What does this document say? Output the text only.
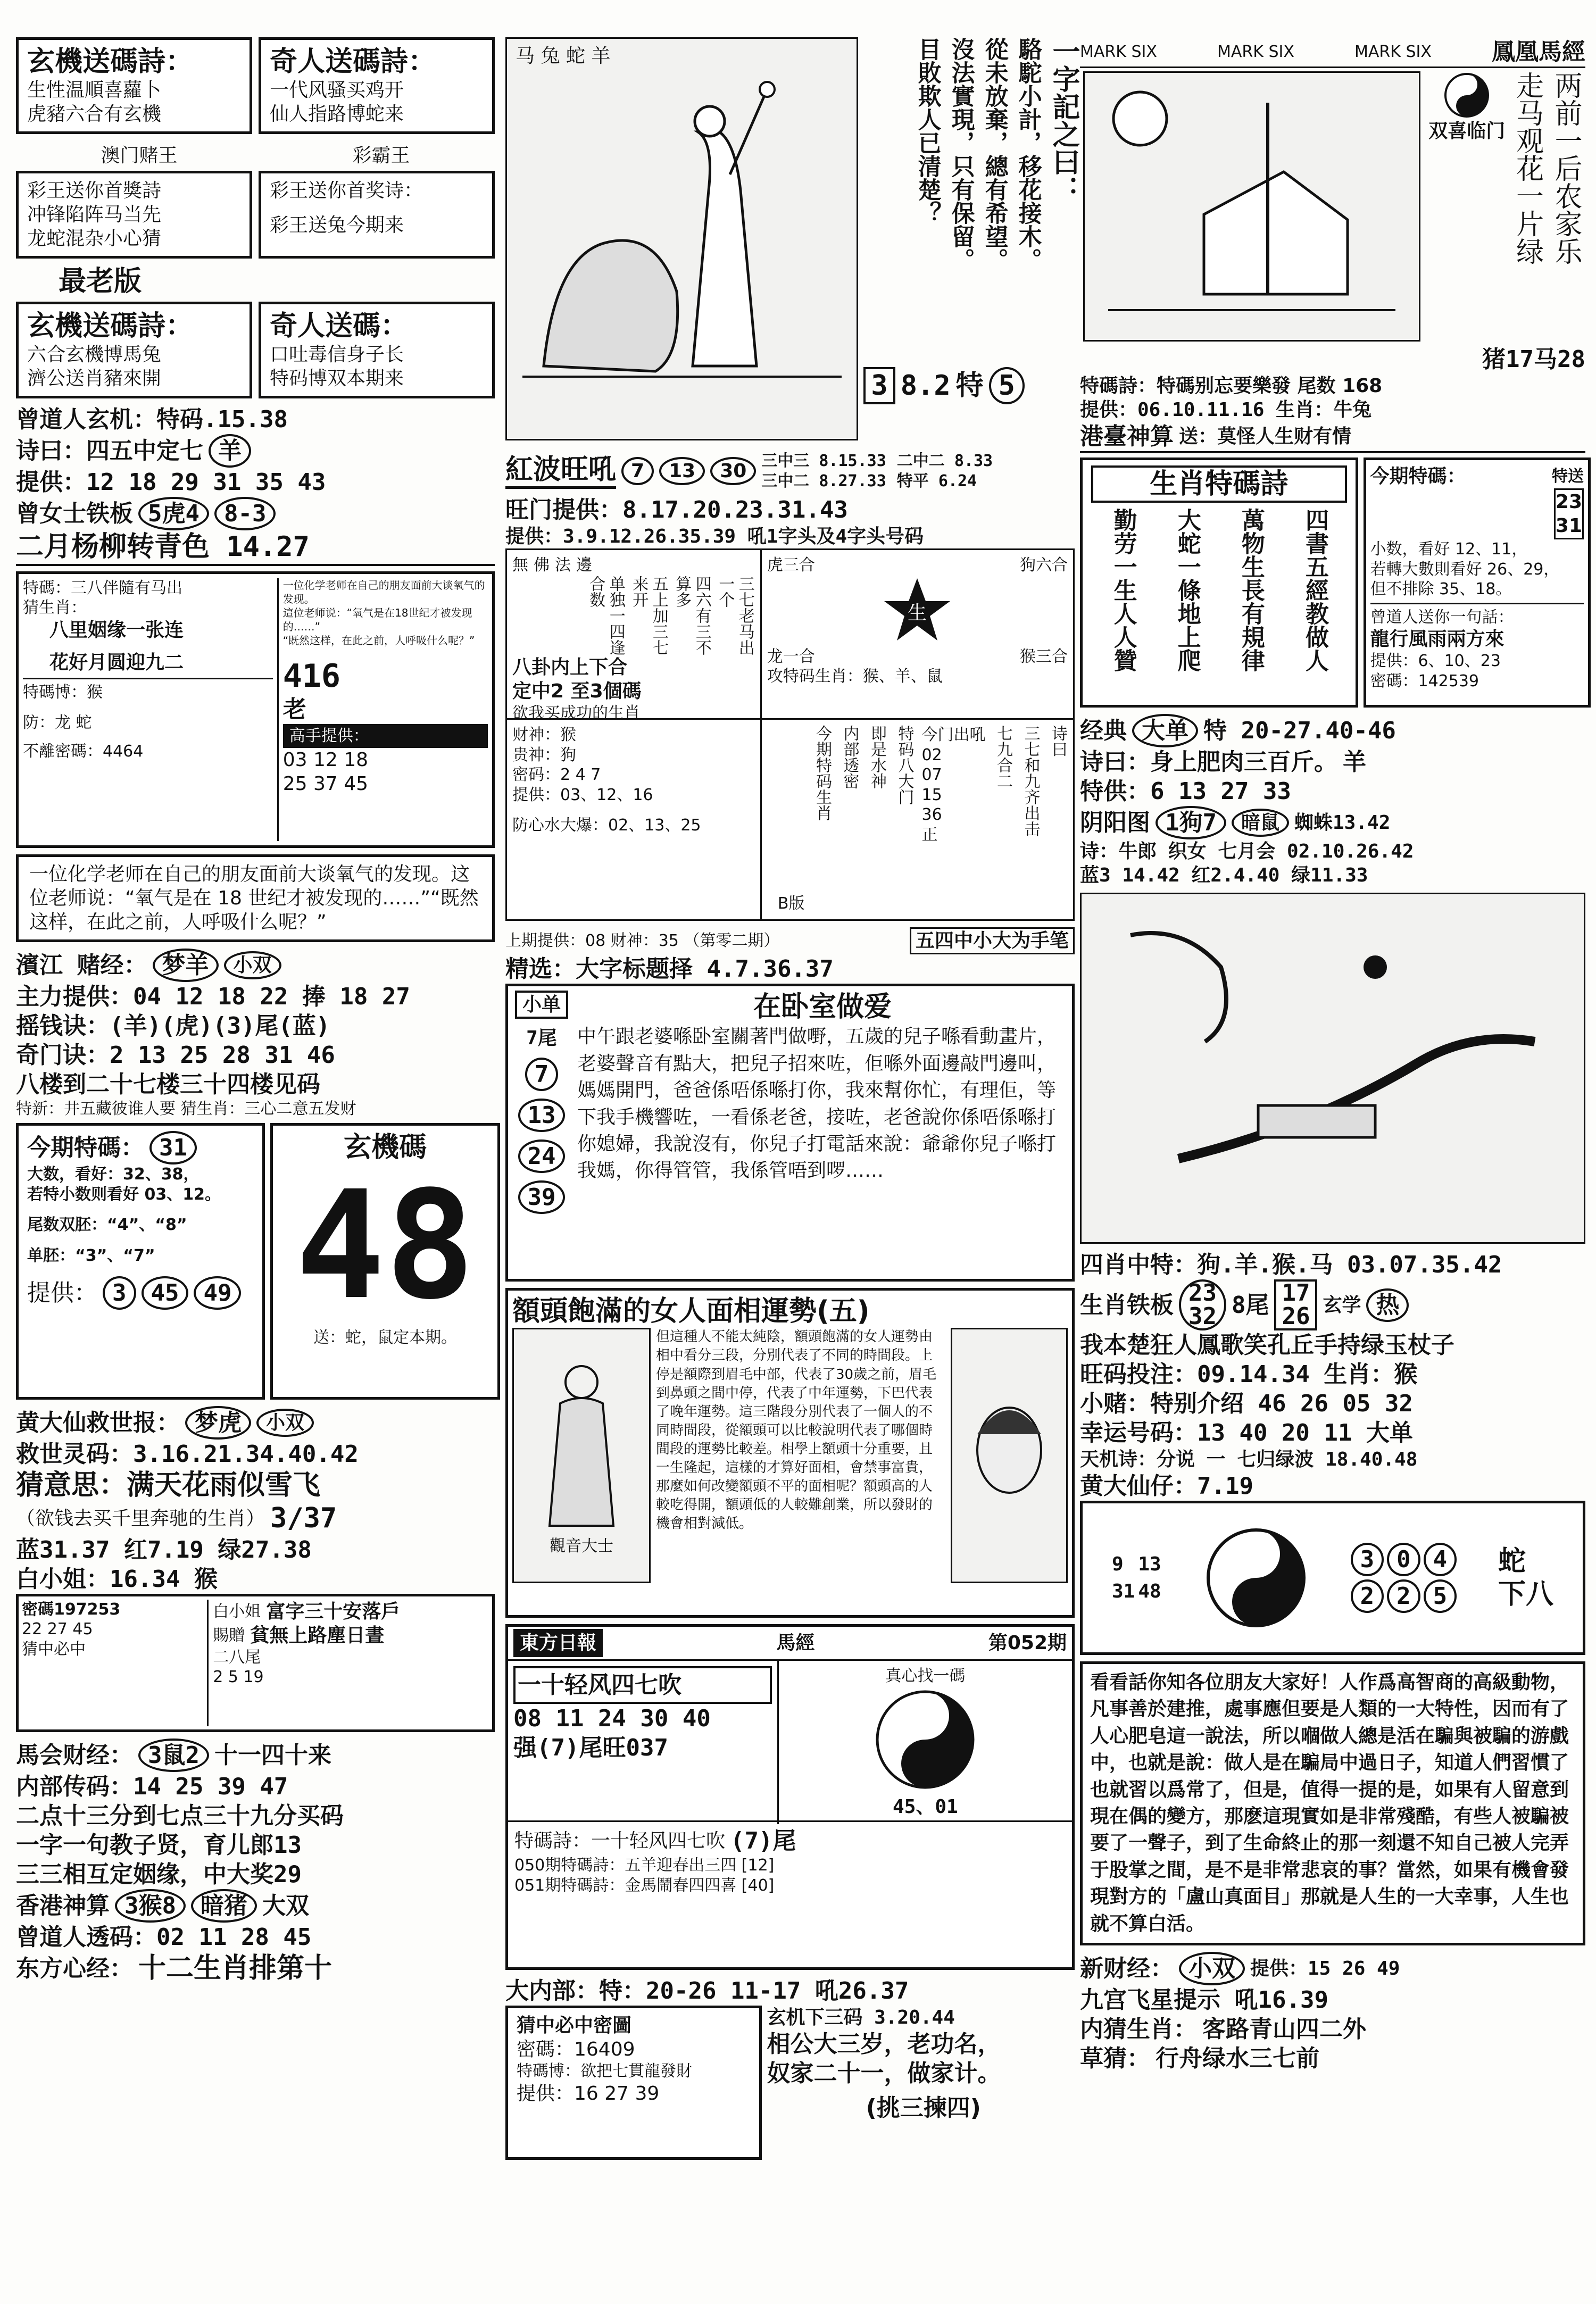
玄機送碼詩：
生性温順喜蘿卜
虎豬六合有玄機
奇人送碼詩：
一代风骚买鸡开
仙人指路博蛇来
澳门赌王	彩霸王
彩王送你首獎詩
冲锋陷阵马当先
龙蛇混杂小心猜
彩王送你首奖诗：
彩王送兔今期来
最老版
玄機送碼詩：
六合玄機博馬兔
濟公送肖豬來開
奇人送碼：
口吐毒信身子长
特码博双本期来
曾道人玄机：特码.15.38
诗曰：四五中定七 羊
提供：12 18 29 31 35 43
曾女士铁板 5虎4	8-3
二月杨柳转青色 14.27
特碼：三八伴隨有马出
猜生肖：
八里姻缘一张连
花好月圆迎九二
特碼博：猴
防：龙 蛇
不離密碼：4464
一位化学老师在自己的朋友面前大谈氧气的发现。
這位老师说：“氧气是在18世纪才被发现的……”
“既然这样，在此之前，人呼吸什么呢？”
416
老
高手提供：
03 12 18
25 37 45
一位化学老师在自己的朋友面前大谈氧气的发现。这位老师说：“氧气是在 18 世纪才被发现的……”“既然这样，在此之前，人呼吸什么呢？”
濱江 赌经： 梦羊	小双
主力提供：04 12 18 22 捧 18 27
摇钱诀：(羊)(虎)(3)尾(蓝)
奇门诀：2 13 25 28 31 46
八楼到二十七楼三十四楼见码
特新：井五藏彼谁人要 猜生肖：三心二意五发财
今期特碼： 31
大数，看好：32、38，
若特小数则看好 03、12。
尾数双胚：“4”、“8”
单胚：“3”、“7”
提供： 3	45	49
玄機碼
48
送：蛇，鼠定本期。
黄大仙救世报： 梦虎	小双
救世灵码：3.16.21.34.40.42
猜意思：满天花雨似雪飞
（欲钱去买千里奔驰的生肖） 3/37
蓝31.37 红7.19 绿27.38
白小姐：16.34 猴
密碼197253
22 27 45
猜中必中
白小姐 富字三十安落戶
賜贈 貧無上路塵日晝
二八尾
2 5 19
馬会财经： 3鼠2 十一四十来
内部传码：14 25 39 47
二点十三分到七点三十九分买码
一字一句教子贤，育儿郎13
三三相互定姻缘，中大奖29
香港神算 3猴8	暗猪 大双
曾道人透码：02 11 28 45
东方心经： 十二生肖排第十
马 兔 蛇 羊	一字記之曰：
駱駝小計，移花接木。
從未放棄，總有希望。
沒法實現，只有保留。
目敗欺人已清楚？
3 8.2 特 5
紅波旺吼 7	13	30 三中三 8.15.33 二中二 8.33
三中二 8.27.33 特平 6.24
旺门提供：8.17.20.23.31.43
提供：3.9.12.26.35.39 吼1字头及4字头号码
無 佛 法 邊
三七老马出一个
四六有三不算多
五上加三七来开
单独一四逢合数
八卦内上下合
定中2 至3個碼
欲我买成功的生肖
虎三合	狗六合
生
龙一合	猴三合
攻特码生肖：猴、羊、鼠
财神：猴
贵神：狗
密码：2 4 7
提供：03、12、16
防心水大爆：02、13、25
诗曰
三七和九齐出击
七九合二
今门出吼
02
07
15
36
正
特码八大门
即是水神
内部透密
今期特码生肖
B版
上期提供：08 财神：35 （第零二期）	五四中小大为手笔
精选：大字标题择 4.7.36.37
小单
7尾
7
13
24
39
在卧室做爱
中午跟老婆喺卧室關著門做嘢，五歲的兒子喺看動畫片，老婆聲音有點大，把兒子招來咗，佢喺外面邊敲門邊叫，媽媽開門，爸爸係唔係喺打你，我來幫你忙，有理佢，等下我手機響咗，一看係老爸，接咗，老爸說你係唔係喺打你媳婦，我說沒有，你兒子打電話來說：爺爺你兒子喺打我媽，你得管管，我係管唔到啰……
額頭飽滿的女人面相運勢(五)
觀音大士
但這種人不能太純陰，額頭飽滿的女人運勢由相中看分三段，分別代表了不同的時間段。上停是額際到眉毛中部，代表了30歲之前，眉毛到鼻頭之間中停，代表了中年運勢，下巴代表了晚年運勢。這三階段分別代表了一個人的不同時間段，從額頭可以比較說明代表了哪個時間段的運勢比較差。相學上額頭十分重要，且一生隆起，這樣的才算好面相，會禁事富貴，那麼如何改變額頭不平的面相呢？額頭高的人較吃得開，額頭低的人較難創業，所以發財的機會相對減低。
東方日報	馬經	第052期
一十轻风四七吹
08 11 24 30 40
强(7)尾旺037
真心找一碼
45、01
特碼詩：一十轻风四七吹 (7)尾
050期特碼詩：五羊迎春出三四 [12]
051期特碼詩：金馬鬧春四四喜 [40]
大内部：特：20-26 11-17 吼26.37
猜中必中密圖
密碼：16409
特碼博：欲把七貫龍發財
提供：16 27 39
玄机下三码 3.20.44
相公大三岁，老功名，
奴家二十一，做家计。
(挑三揀四)
MARK SIX	MARK SIX	MARK SIX	鳳凰馬經
两前一后农家乐
走马观花一片绿
双喜临门
猪17马28
特碼詩：特碼别忘要樂發 尾数 168
提供：06.10.11.16 生肖：牛兔
港臺神算 送：莫怪人生财有情
生肖特碼詩
四書五經教做人
萬物生長有規律
大蛇一條地上爬
勤劳一生人人贊
今期特碼：	特送
23
31
小数，看好 12、11，
若轉大數則看好 26、29，
但不排除 35、18。
曾道人送你一句話：
龍行風雨兩方來
提供：6、10、23
密碼：142539
经典 大单 特 20-27.40-46
诗曰：身上肥肉三百斤。 羊
特供：6 13 27 33
阴阳图 1狗7	暗鼠 蜘蛛13.42
诗：牛郎 织女 七月会 02.10.26.42
蓝3 14.42 红2.4.40 绿11.33
四肖中特：狗.羊.猴.马 03.07.35.42
生肖铁板 23
32 8尾 17
26 玄学 热
我本楚狂人鳳歌笑孔丘手持绿玉杖子
旺码投注：09.14.34 生肖：猴
小赌：特别介绍 46 26 05 32
幸运号码：13 40 20 11 大单
天机诗：分说 一 七归绿波 18.40.48
黄大仙仔：7.19
9 13
31 48
3 0 4
2 2 5
蛇
下八
看看話你知各位朋友大家好！人作爲高智商的高級動物，凡事善於建推，處事應但要是人類的一大特性，因而有了人心肥皂這一說法，所以嗰做人總是活在騙與被騙的游戲中，也就是說：做人是在騙局中過日子，知道人們習慣了也就習以爲常了，但是，值得一提的是，如果有人留意到現在偶的變方，那麽這現實如是非常殘酷，有些人被騙被要了一聲子，到了生命終止的那一刻還不知自己被人完弄于股掌之間，是不是非常悲哀的事？當然，如果有機會發現對方的「盧山真面目」那就是人生的一大幸事，人生也就不算白活。
新财经： 小双 提供：15 26 49
九宫飞星提示 吼16.39
内猜生肖： 客路青山四二外
草猜： 行舟绿水三七前
